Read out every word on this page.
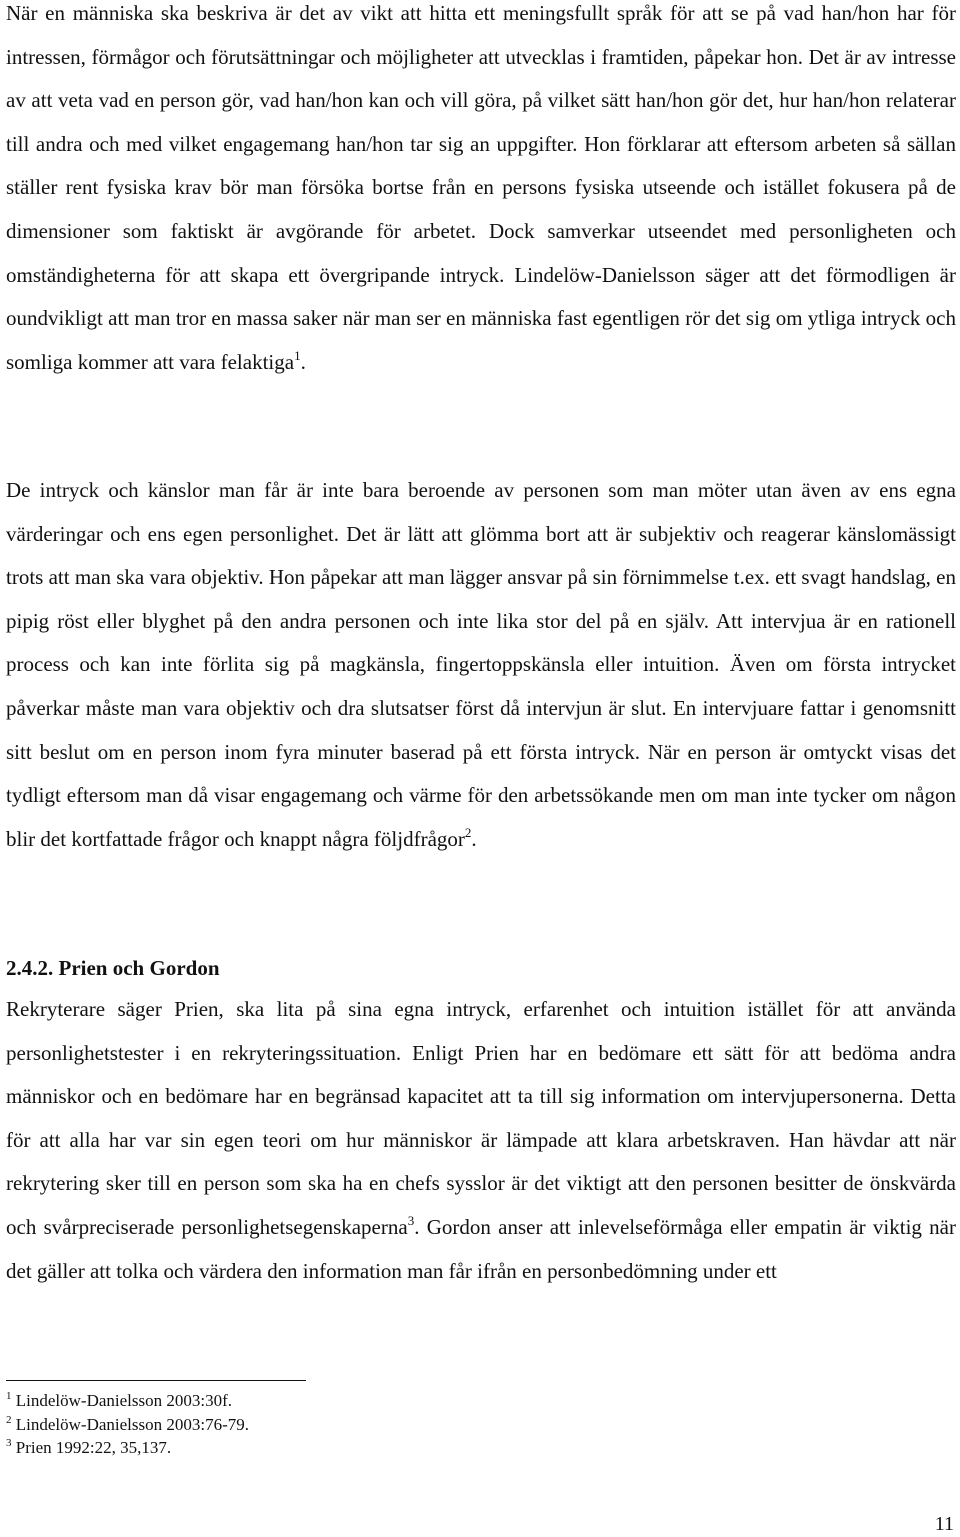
När en människa ska beskriva är det av vikt att hitta ett meningsfullt språk för att se på vad han/hon har för intressen, förmågor och förutsättningar och möjligheter att utvecklas i framtiden, påpekar hon. Det är av intresse av att veta vad en person gör, vad han/hon kan och vill göra, på vilket sätt han/hon gör det, hur han/hon relaterar till andra och med vilket engagemang han/hon tar sig an uppgifter. Hon förklarar att eftersom arbeten så sällan ställer rent fysiska krav bör man försöka bortse från en persons fysiska utseende och istället fokusera på de dimensioner som faktiskt är avgörande för arbetet. Dock samverkar utseendet med personligheten och omständigheterna för att skapa ett övergripande intryck. Lindelöw-Danielsson säger att det förmodligen är oundvikligt att man tror en massa saker när man ser en människa fast egentligen rör det sig om ytliga intryck och somliga kommer att vara felaktiga$^1$.

De intryck och känslor man får är inte bara beroende av personen som man möter utan även av ens egna värderingar och ens egen personlighet. Det är lätt att glömma bort att är subjektiv och reagerar känslomässigt trots att man ska vara objektiv. Hon påpekar att man lägger ansvar på sin förnimmelse t.ex. ett svagt handslag, en pipig röst eller blyghet på den andra personen och inte lika stor del på en själv. Att intervjua är en rationell process och kan inte förlita sig på magkänsla, fingertoppskänsla eller intuition. Även om första intrycket påverkar måste man vara objektiv och dra slutsatser först då intervjun är slut. En intervjuare fattar i genomsnitt sitt beslut om en person inom fyra minuter baserad på ett första intryck. När en person är omtyckt visas det tydligt eftersom man då visar engagemang och värme för den arbetssökande men om man inte tycker om någon blir det kortfattade frågor och knappt några följdfrågor$^2$.

2.4.2. Prien och Gordon

Rekryterare säger Prien, ska lita på sina egna intryck, erfarenhet och intuition istället för att använda personlighetstester i en rekryteringssituation. Enligt Prien har en bedömare ett sätt för att bedöma andra människor och en bedömare har en begränsad kapacitet att ta till sig information om intervjupersonerna. Detta för att alla har var sin egen teori om hur människor är lämpade att klara arbetskraven. Han hävdar att när rekrytering sker till en person som ska ha en chefs sysslor är det viktigt att den personen besitter de önskvärda och svårpreciserade personlighetsegenskaperna$^3$. Gordon anser att inlevelseförmåga eller empatin är viktig när det gäller att tolka och värdera den information man får ifrån en personbedömning under ett

$^1$ Lindelöw-Danielsson 2003:30f.

$^2$ Lindelöw-Danielsson 2003:76-79.

$^3$ Prien 1992:22, 35,137.

11
